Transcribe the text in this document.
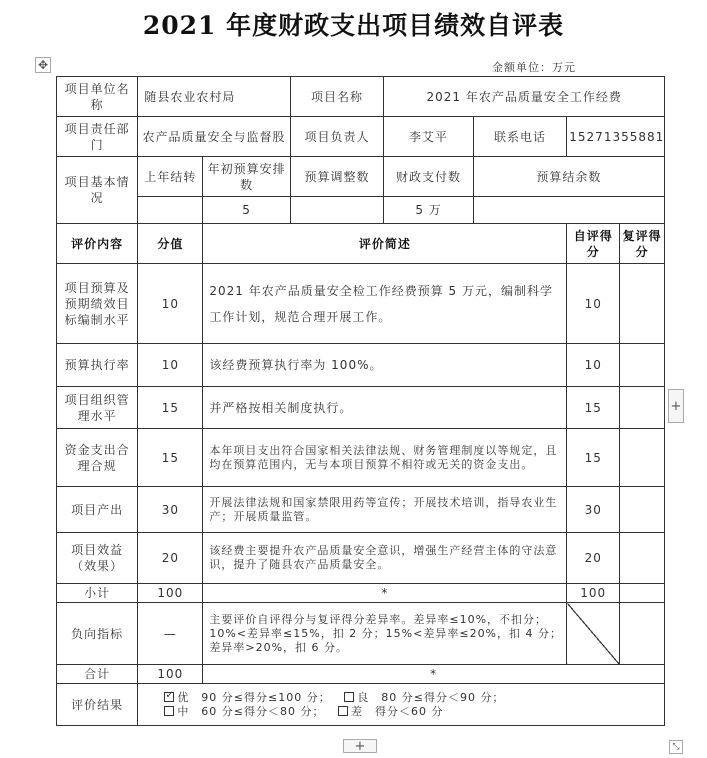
2021 年度财政支出项目绩效自评表
✥	金额单位：万元
项目单位名称	随县农业农村局		项目名称	2021 年农产品质量安全工作经费			
项目责任部门	农产品质量安全与监督股		项目负责人	李艾平	联系电话	15271355881	
项目基本情况	上年结转	年初预算安排数	预算调整数	财政支付数	预算结余数		
		5		5 万			
评价内容	分值	评价简述				自评得分	复评得分
项目预算及预期绩效目标编制水平	10	2021 年农产品质量安全检工作经费预算 5 万元，编制科学工作计划，规范合理开展工作。				10	
预算执行率	10	该经费预算执行率为 100%。				10	
项目组织管理水平	15	并严格按相关制度执行。				15	
资金支出合理合规	15	本年项目支出符合国家相关法律法规、财务管理制度以等规定，且均在预算范围内，无与本项目预算不相符或无关的资金支出。				15	
项目产出	30	开展法律法规和国家禁限用药等宣传；开展技术培训，指导农业生产；开展质量监管。				30	
项目效益（效果）	20	该经费主要提升农产品质量安全意识，增强生产经营主体的守法意识，提升了随县农产品质量安全。				20	
小计	100	*				100	
负向指标	—	主要评价自评得分与复评得分差异率。差异率≤10%，不扣分；10%<差异率≤15%，扣 2 分；15%<差异率≤20%，扣 4 分；差异率>20%，扣 6 分。					
合计	100	*					
评价结果	
✓优　90 分≤得分≤100 分； 良　80 分≤得分＜90 分；
中　60 分≤得分＜80 分； 差　得分＜60 分
+
+	⤡
